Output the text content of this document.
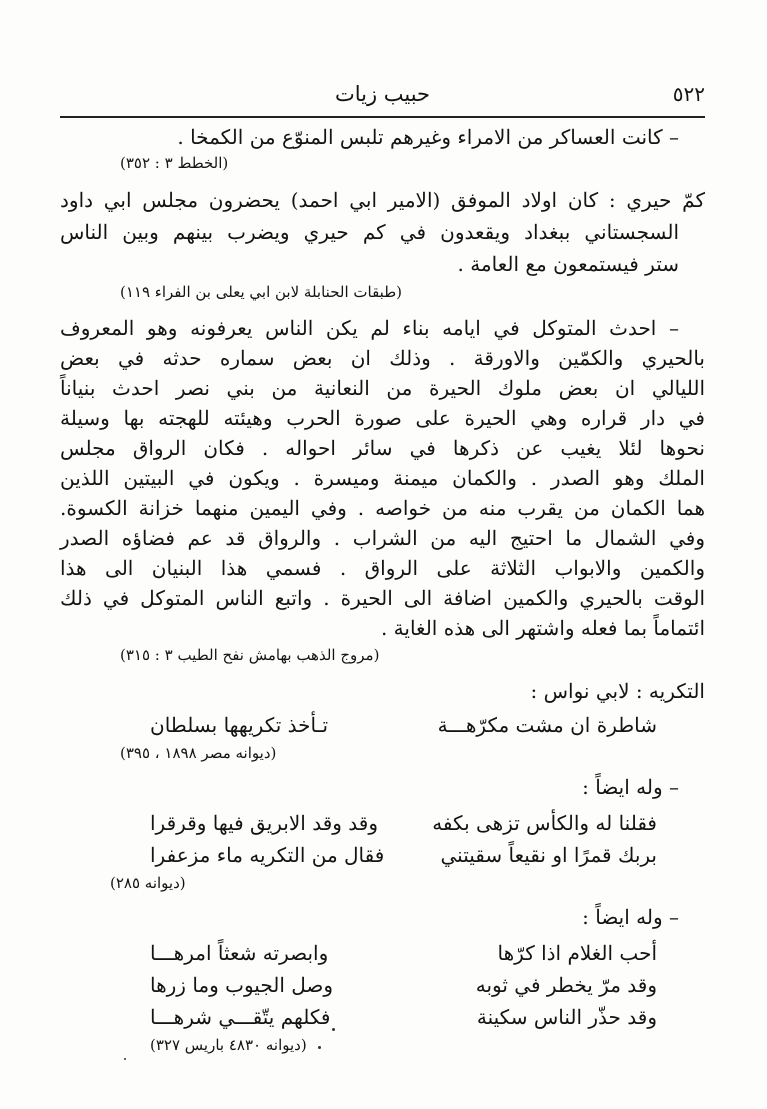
٥٢٢
حبيب زيات
– كانت العساكر من الامراء وغيرهم تلبس المنوّع من الكمخا .
(الخطط ٣ : ٣٥٢)
كمّ حيري : كان اولاد الموفق (الامير ابي احمد) يحضرون مجلس ابي داود
السجستاني ببغداد ويقعدون في كم حيري ويضرب بينهم وبين الناس
ستر فيستمعون مع العامة .
(طبقات الحنابلة لابن ابي يعلى بن الفراء ١١٩)
– احدث المتوكل في ايامه بناء لم يكن الناس يعرفونه وهو المعروف
بالحيري والكمّين والاورقة . وذلك ان بعض سماره حدثه في بعض
الليالي ان بعض ملوك الحيرة من النعانية من بني نصر احدث بنياناً
في دار قراره وهي الحيرة على صورة الحرب وهيئته للهجته بها وسيلة
نحوها لئلا يغيب عن ذكرها في سائر احواله . فكان الرواق مجلس
الملك وهو الصدر . والكمان ميمنة وميسرة . ويكون في البيتين اللذين
هما الكمان من يقرب منه من خواصه . وفي اليمين منهما خزانة الكسوة.
وفي الشمال ما احتيج اليه من الشراب . والرواق قد عم فضاؤه الصدر
والكمين والابواب الثلاثة على الرواق . فسمي هذا البنيان الى هذا
الوقت بالحيري والكمين اضافة الى الحيرة . واتبع الناس المتوكل في ذلك
ائتماماً بما فعله واشتهر الى هذه الغاية .
(مروج الذهب بهامش نفح الطيب ٣ : ٣١٥)
التكريه : لابي نواس :
شاطرة ان مشت مكرّهـــة
تـأخذ تكريهها بسلطان
(ديوانه مصر ١٨٩٨ ، ٣٩٥)
– وله ايضاً :
فقلنا له والكأس تزهى بكفه
وقد وقد الابريق فيها وقرقرا
بربك قمرًا او نقيعاً سقيتني
فقال من التكريه ماء مزعفرا
(ديوانه ٢٨٥)
– وله ايضاً :
أحب الغلام اذا كرّها
وابصرته شعثاً امرهـــا
وقد مرّ يخطر في ثوبه
وصل الجيوب وما زرها
وقد حذّر الناس سكينة
فكلهم يتّقـــي شرهـــا
(ديوانه ٤٨٣٠ باريس ٣٢٧)
